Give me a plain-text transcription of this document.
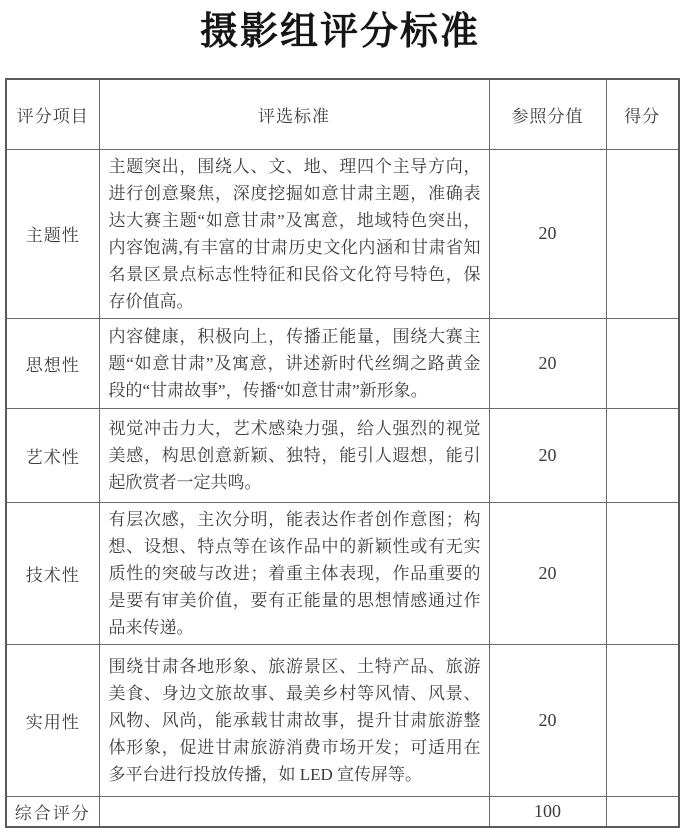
摄影组评分标准
评分项目	评选标准	参照分值	得分
主题性	主题突出，围绕人、文、地、理四个主导方向，进行创意聚焦，深度挖掘如意甘肃主题，准确表达大赛主题“如意甘肃”及寓意，地域特色突出，内容饱满,有丰富的甘肃历史文化内涵和甘肃省知名景区景点标志性特征和民俗文化符号特色，保存价值高。	20	
思想性	内容健康，积极向上，传播正能量，围绕大赛主题“如意甘肃”及寓意，讲述新时代丝绸之路黄金段的“甘肃故事”，传播“如意甘肃”新形象。	20	
艺术性	视觉冲击力大，艺术感染力强，给人强烈的视觉美感，构思创意新颖、独特，能引人遐想，能引起欣赏者一定共鸣。	20	
技术性	有层次感，主次分明，能表达作者创作意图；构想、设想、特点等在该作品中的新颖性或有无实质性的突破与改进；着重主体表现，作品重要的是要有审美价值，要有正能量的思想情感通过作品来传递。	20	
实用性	围绕甘肃各地形象、旅游景区、土特产品、旅游美食、身边文旅故事、最美乡村等风情、风景、风物、风尚，能承载甘肃故事，提升甘肃旅游整体形象，促进甘肃旅游消费市场开发；可适用在多平台进行投放传播，如 LED 宣传屏等。	20	
综合评分		100	
